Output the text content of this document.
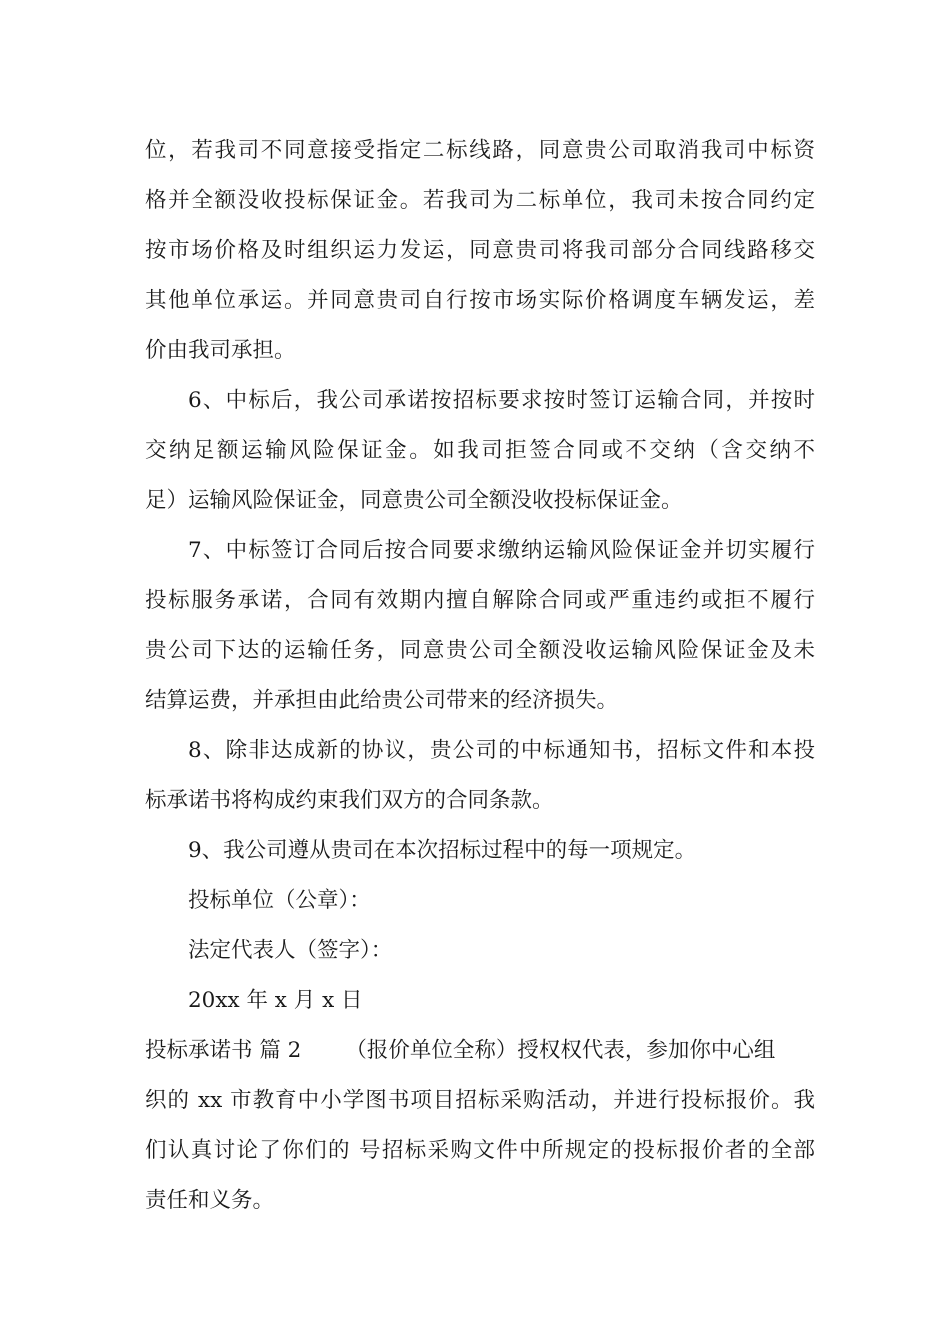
位，若我司不同意接受指定二标线路，同意贵公司取消我司中标资
格并全额没收投标保证金。若我司为二标单位，我司未按合同约定
按市场价格及时组织运力发运，同意贵司将我司部分合同线路移交
其他单位承运。并同意贵司自行按市场实际价格调度车辆发运，差
价由我司承担。
6、中标后，我公司承诺按招标要求按时签订运输合同，并按时
交纳足额运输风险保证金。如我司拒签合同或不交纳（含交纳不
足）运输风险保证金，同意贵公司全额没收投标保证金。
7、中标签订合同后按合同要求缴纳运输风险保证金并切实履行
投标服务承诺，合同有效期内擅自解除合同或严重违约或拒不履行
贵公司下达的运输任务，同意贵公司全额没收运输风险保证金及未
结算运费，并承担由此给贵公司带来的经济损失。
8、除非达成新的协议，贵公司的中标通知书，招标文件和本投
标承诺书将构成约束我们双方的合同条款。
9、我公司遵从贵司在本次招标过程中的每一项规定。
投标单位（公章）：
法定代表人（签字）：
20xx 年 x 月 x 日
投标承诺书 篇 2 （报价单位全称）授权权代表，参加你中心组
织的 xx 市教育中小学图书项目招标采购活动，并进行投标报价。我
们认真讨论了你们的 号招标采购文件中所规定的投标报价者的全部
责任和义务。
